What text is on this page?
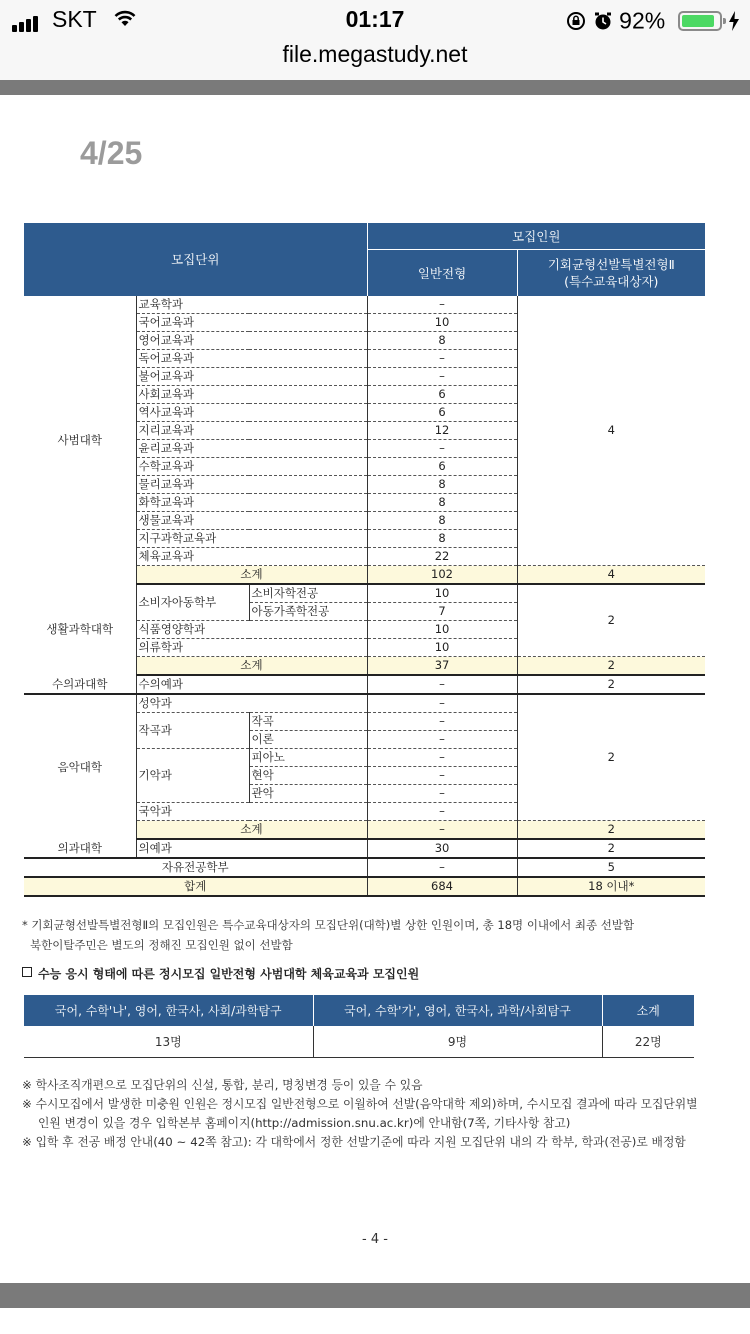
SKT	01:17	92%

file.megastudy.net
4/25
모집단위			모집인원	
			일반전형	기회균형선발특별전형Ⅱ
(특수교육대상자)
사범대학	교육학과		–	4
	국어교육과		10	
	영어교육과		8	
	독어교육과		–	
	불어교육과		–	
	사회교육과		6	
	역사교육과		6	
	지리교육과		12	
	윤리교육과		–	
	수학교육과		6	
	물리교육과		8	
	화학교육과		8	
	생물교육과		8	
	지구과학교육과		8	
	체육교육과		22	
	소계		102	4
생활과학대학	소비자아동학부	소비자학전공	10	2
		아동가족학전공	7	
	식품영양학과		10	
	의류학과		10	
	소계		37	2
수의과대학	수의예과		–	2
음악대학	성악과		–	2
	작곡과	작곡	–	
		이론	–	
	기악과	피아노	–	
		현악	–	
		관악	–	
	국악과		–	
	소계		–	2
의과대학	의예과		30	2
자유전공학부			–	5
합계			684	18 이내*
* 기회균형선발특별전형Ⅱ의 모집인원은 특수교육대상자의 모집단위(대학)별 상한 인원이며, 총 18명 이내에서 최종 선발함
북한이탈주민은 별도의 정해진 모집인원 없이 선발함
수능 응시 형태에 따른 정시모집 일반전형 사범대학 체육교육과 모집인원
국어, 수학'나', 영어, 한국사, 사회/과학탐구	국어, 수학'가', 영어, 한국사, 과학/사회탐구	소계
13명	9명	22명
※ 학사조직개편으로 모집단위의 신설, 통합, 분리, 명칭변경 등이 있을 수 있음
※ 수시모집에서 발생한 미충원 인원은 정시모집 일반전형으로 이월하여 선발(음악대학 제외)하며, 수시모집 결과에 따라 모집단위별 인원 변경이 있을 경우 입학본부 홈페이지(http://admission.snu.ac.kr)에 안내함(7쪽, 기타사항 참고)
※ 입학 후 전공 배정 안내(40 ~ 42쪽 참고): 각 대학에서 정한 선발기준에 따라 지원 모집단위 내의 각 학부, 학과(전공)로 배정함
- 4 -
